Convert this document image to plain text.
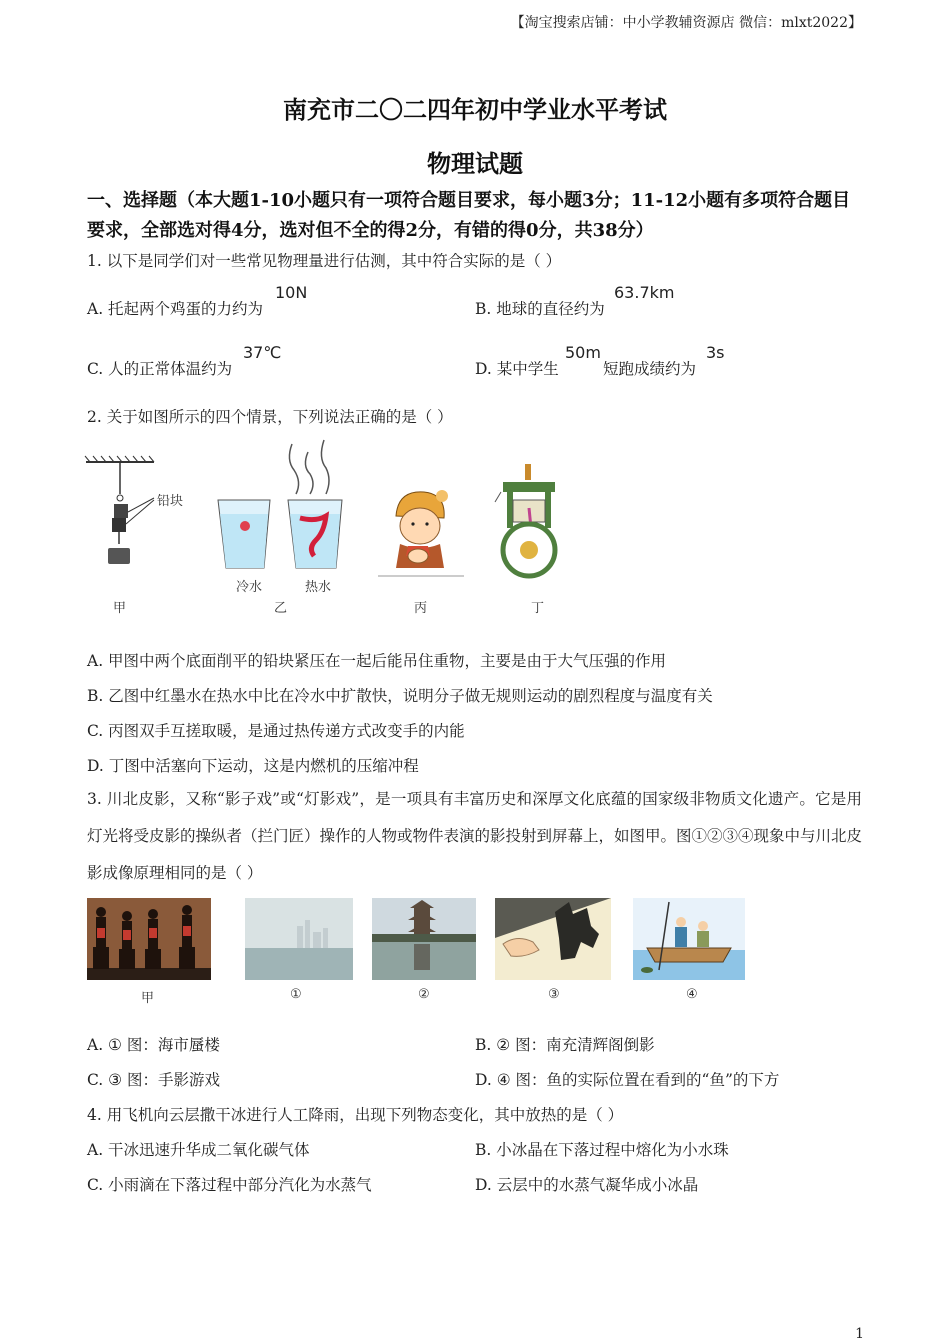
【淘宝搜索店铺：中小学教辅资源店 微信：mlxt2022】
南充市二〇二四年初中学业水平考试
物理试题
一、选择题（本大题1-10小题只有一项符合题目要求，每小题3分；11-12小题有多项符合题目要求，全部选对得4分，选对但不全的得2分，有错的得0分，共38分）
1. 以下是同学们对一些常见物理量进行估测，其中符合实际的是（ ）
A. 托起两个鸡蛋的力约为
10N
B. 地球的直径约为
63.7km
C. 人的正常体温约为
37℃
D. 某中学生
50m
短跑成绩约为
3s
2. 关于如图所示的四个情景，下列说法正确的是（ ）
铅块
甲
冷水	热水
乙	丙	丁
A. 甲图中两个底面削平的铅块紧压在一起后能吊住重物，主要是由于大气压强的作用
B. 乙图中红墨水在热水中比在冷水中扩散快，说明分子做无规则运动的剧烈程度与温度有关
C. 丙图双手互搓取暖，是通过热传递方式改变手的内能
D. 丁图中活塞向下运动，这是内燃机的压缩冲程
3. 川北皮影，又称“影子戏”或“灯影戏”，是一项具有丰富历史和深厚文化底蕴的国家级非物质文化遗产。它是用灯光将受皮影的操纵者（拦门匠）操作的人物或物件表演的影投射到屏幕上，如图甲。图①②③④现象中与川北皮影成像原理相同的是（ ）
甲	①	②	③	④
A. ① 图：海市蜃楼	B. ② 图：南充清辉阁倒影
C. ③ 图：手影游戏	D. ④ 图：鱼的实际位置在看到的“鱼”的下方
4. 用飞机向云层撒干冰进行人工降雨，出现下列物态变化，其中放热的是（ ）
A. 干冰迅速升华成二氧化碳气体	B. 小冰晶在下落过程中熔化为小水珠
C. 小雨滴在下落过程中部分汽化为水蒸气	D. 云层中的水蒸气凝华成小冰晶
1
